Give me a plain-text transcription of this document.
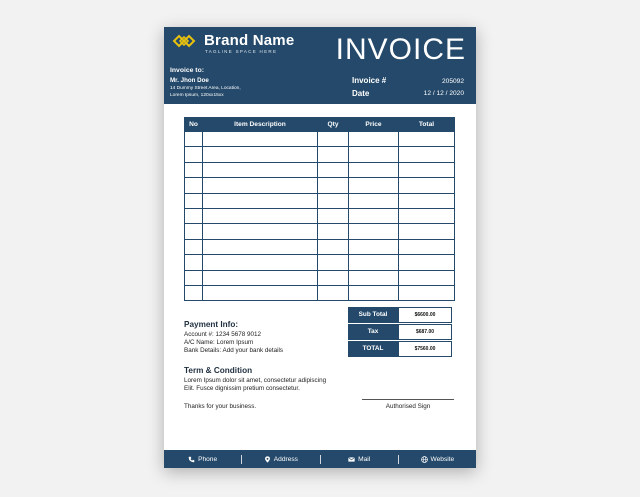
Brand Name
TAGLINE SPACE HERE INVOICE
Invoice to:
Mr. Jhon Doe
14 Dummy Street Area, Location,
Lorem Ipsum, 120xx15xx
Invoice #	205092
Date	12 / 12 / 2020
No	Item Description	Qty	Price	Total

Sub Total	$6600.00
Tax	$687.00
TOTAL	$7560.00
Payment Info:
Account #: 1234 5678 9012
A/C Name: Lorem Ipsum
Bank Details: Add your bank details
Term & Condition
Lorem Ipsum dolor sit amet, consectetur adipiscing
Elit. Fusce dignissim pretium consectetur.
Thanks for your business.	Authorised Sign
Phone	Address	Mail	Website
